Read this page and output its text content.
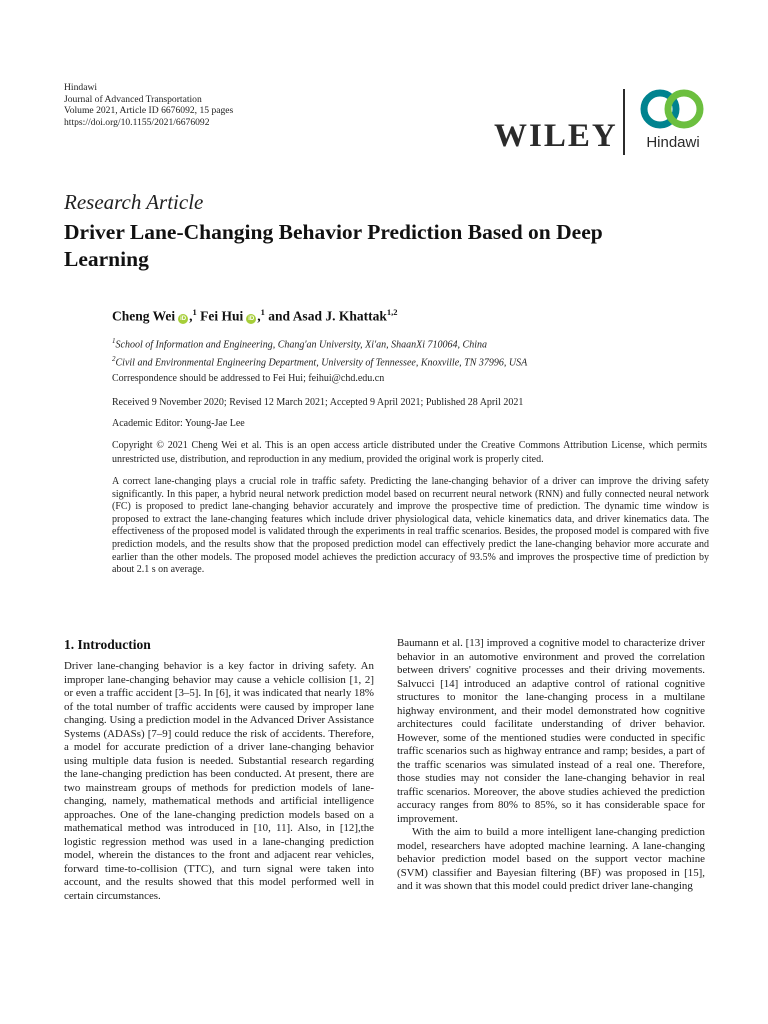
Hindawi
Journal of Advanced Transportation
Volume 2021, Article ID 6676092, 15 pages
https://doi.org/10.1155/2021/6676092	WILEY	Hindawi
Research Article
Driver Lane-Changing Behavior Prediction Based on Deep Learning
Cheng Wei iD ,$^1$ Fei Hui iD ,$^1$ and Asad J. Khattak$^{1,2}$
$^1$School of Information and Engineering, Chang'an University, Xi'an, ShaanXi 710064, China
$^2$Civil and Environmental Engineering Department, University of Tennessee, Knoxville, TN 37996, USA
Correspondence should be addressed to Fei Hui; feihui@chd.edu.cn
Received 9 November 2020; Revised 12 March 2021; Accepted 9 April 2021; Published 28 April 2021
Academic Editor: Young-Jae Lee
Copyright © 2021 Cheng Wei et al. This is an open access article distributed under the Creative Commons Attribution License, which permits unrestricted use, distribution, and reproduction in any medium, provided the original work is properly cited.
A correct lane-changing plays a crucial role in traffic safety. Predicting the lane-changing behavior of a driver can improve the driving safety significantly. In this paper, a hybrid neural network prediction model based on recurrent neural network (RNN) and fully connected neural network (FC) is proposed to predict lane-changing behavior accurately and improve the prospective time of prediction. The dynamic time window is proposed to extract the lane-changing features which include driver physiological data, vehicle kinematics data, and driver kinematics data. The effectiveness of the proposed model is validated through the experiments in real traffic scenarios. Besides, the proposed model is compared with five prediction models, and the results show that the proposed prediction model can effectively predict the lane-changing behavior more accurate and earlier than the other models. The proposed model achieves the prediction accuracy of 93.5% and improves the prospective time of prediction by about 2.1 s on average.
1. Introduction

Driver lane-changing behavior is a key factor in driving safety. An improper lane-changing behavior may cause a vehicle collision [1, 2] or even a traffic accident [3–5]. In [6], it was indicated that nearly 18% of the total number of traffic accidents were caused by improper lane changing. Using a prediction model in the Advanced Driver Assistance Systems (ADASs) [7–9] could reduce the risk of accidents. Therefore, a model for accurate prediction of a driver lane-changing behavior using multiple data fusion is needed. Substantial research regarding the lane-changing prediction has been conducted. At present, there are two mainstream groups of methods for prediction models of lane-changing, namely, mathematical methods and artificial intelligence approaches. One of the lane-changing prediction models based on a mathematical method was introduced in [10, 11]. Also, in [12],the logistic regression method was used in a lane-changing prediction model, wherein the distances to the front and adjacent rear vehicles, forward time-to-collision (TTC), and turn signal were taken into account, and the results showed that this model performed well in certain circumstances.

Baumann et al. [13] improved a cognitive model to characterize driver behavior in an automotive environment and proved the correlation between drivers' cognitive processes and their driving movements. Salvucci [14] introduced an adaptive control of rational cognitive structures to monitor the lane-changing process in a multilane highway environment, and their model demonstrated how cognitive architectures could facilitate understanding of driver behavior. However, some of the mentioned studies were conducted in specific traffic scenarios such as highway entrance and ramp; besides, a part of the traffic scenarios was simulated instead of a real one. Therefore, those studies may not consider the lane-changing behavior in real traffic scenarios. Moreover, the above studies achieved the prediction accuracy ranges from 80% to 85%, so it has considerable space for improvement.

With the aim to build a more intelligent lane-changing prediction model, researchers have adopted machine learning. A lane-changing behavior prediction model based on the support vector machine (SVM) classifier and Bayesian filtering (BF) was proposed in [15], and it was shown that this model could predict driver lane-changing
